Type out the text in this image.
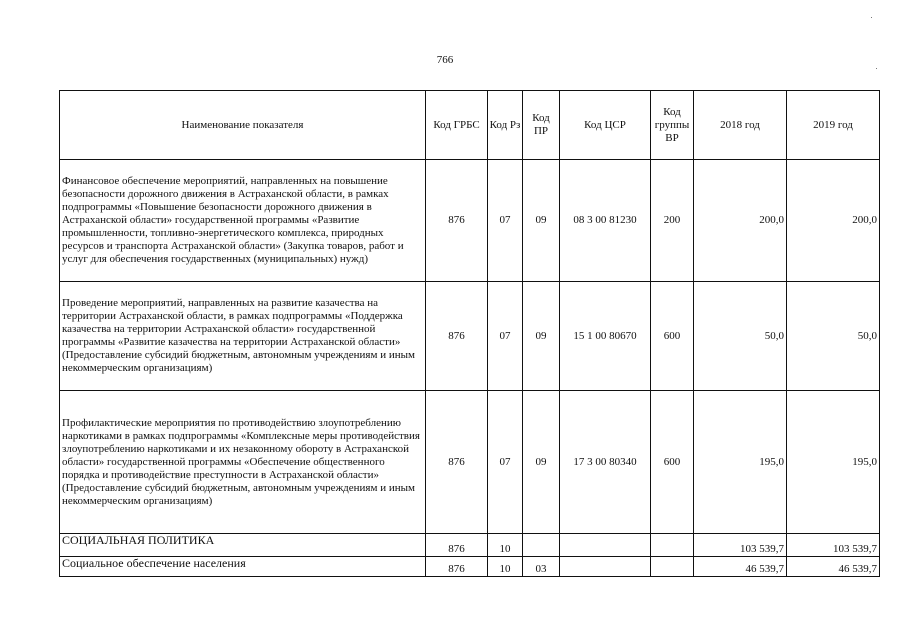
766
Наименование показателя	Код ГРБС	Код Рз	Код ПР	Код ЦСР	Код группы ВР	2018 год	2019 год
Финансовое обеспечение мероприятий, направленных на повышение безопасности дорожного движения в Астраханской области, в рамках подпрограммы «Повышение безопасности дорожного движения в Астраханской области» государственной программы «Развитие промышленности, топливно-энергетического комплекса, природных ресурсов и транспорта Астраханской области» (Закупка товаров, работ и услуг для обеспечения государственных (муниципальных) нужд)	876	07	09	08 3 00 81230	200	200,0	200,0
Проведение мероприятий, направленных на развитие казачества на территории Астраханской области, в рамках подпрограммы «Поддержка казачества на территории Астраханской области» государственной программы «Развитие казачества на территории Астраханской области» (Предоставление субсидий бюджетным, автономным учреждениям и иным некоммерческим организациям)	876	07	09	15 1 00 80670	600	50,0	50,0
Профилактические мероприятия по противодействию злоупотреблению наркотиками в рамках подпрограммы «Комплексные меры противодействия злоупотреблению наркотиками и их незаконному обороту в Астраханской области» государственной программы «Обеспечение общественного порядка и противодействие преступности в Астраханской области» (Предоставление субсидий бюджетным, автономным учреждениям и иным некоммерческим организациям)	876	07	09	17 3 00 80340	600	195,0	195,0
СОЦИАЛЬНАЯ ПОЛИТИКА	876	10				103 539,7	103 539,7
Социальное обеспечение населения	876	10	03			46 539,7	46 539,7
